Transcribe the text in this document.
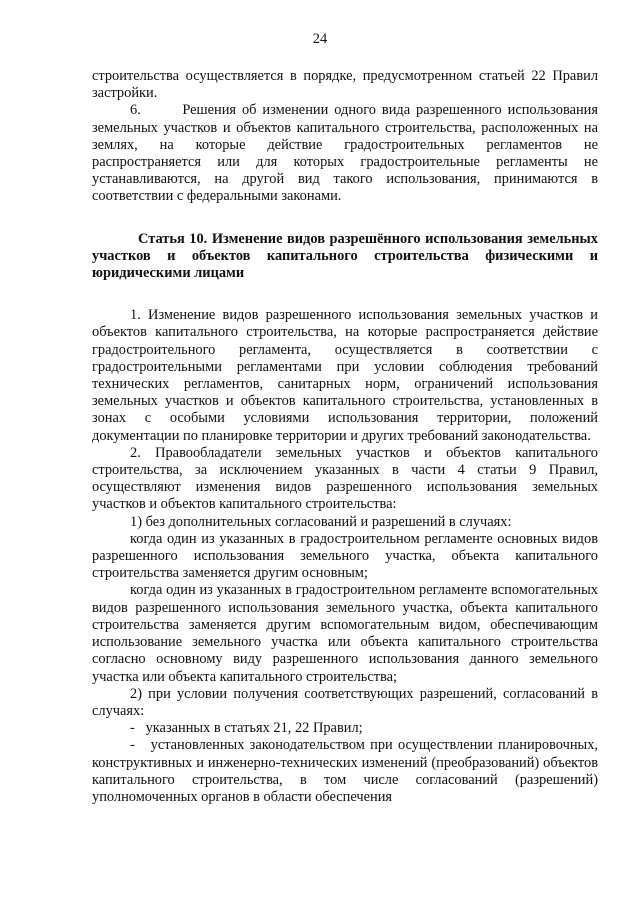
24

строительства осуществляется в порядке, предусмотренном статьей 22 Правил застройки.

6.       Решения об изменении одного вида разрешенного использования земельных участков и объектов капитального строительства, расположенных на землях, на которые действие градостроительных регламентов не распространяется или для которых градостроительные регламенты не устанавливаются, на другой вид такого использования, принимаются в соответствии с федеральными законами.

Статья 10. Изменение видов разрешённого использования земельных участков и объектов капитального строительства физическими и юридическими лицами

1. Изменение видов разрешенного использования земельных участков и объектов капитального строительства, на которые распространяется действие градостроительного регламента, осуществляется в соответствии с градостроительными регламентами при условии соблюдения требований технических регламентов, санитарных норм, ограничений использования земельных участков и объектов капитального строительства, установленных в зонах с особыми условиями использования территории, положений документации по планировке территории и других требований законодательства.

2. Правообладатели земельных участков и объектов капитального строительства, за исключением указанных в части 4 статьи 9 Правил, осуществляют изменения видов разрешенного использования земельных участков и объектов капитального строительства:

1) без дополнительных согласований и разрешений в случаях:

когда один из указанных в градостроительном регламенте основных видов разрешенного использования земельного участка, объекта капитального строительства заменяется другим основным;

когда один из указанных в градостроительном регламенте вспомогательных видов разрешенного использования земельного участка, объекта капитального строительства заменяется другим вспомогательным видом, обеспечивающим использование земельного участка или объекта капитального строительства согласно основному виду разрешенного использования данного земельного участка или объекта капитального строительства;

2) при условии получения соответствующих разрешений, согласований в случаях:

-   указанных в статьях 21, 22 Правил;

-   установленных законодательством при осуществлении планировочных, конструктивных и инженерно-технических изменений (преобразований) объектов капитального строительства, в том числе согласований (разрешений) уполномоченных органов в области обеспечения
